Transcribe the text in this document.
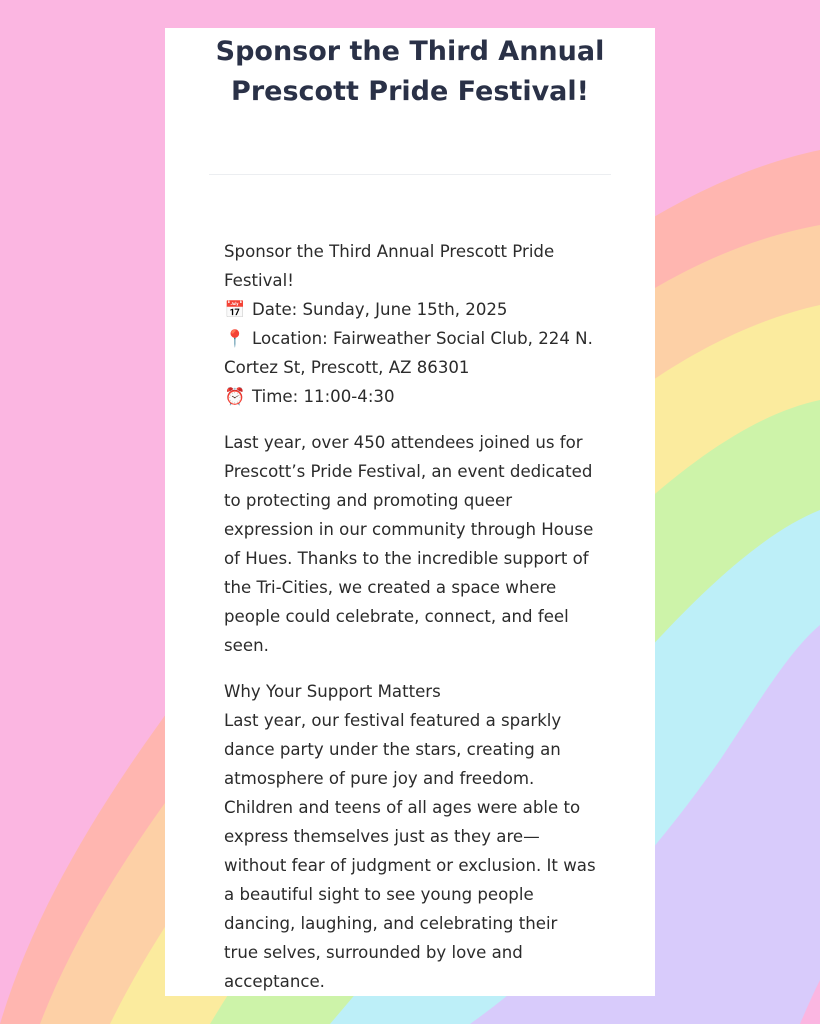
Sponsor the Third Annual Prescott Pride Festival!

Sponsor the Third Annual Prescott Pride Festival!
📅 Date: Sunday, June 15th, 2025
📍 Location: Fairweather Social Club, 224 N. Cortez St, Prescott, AZ 86301
⏰ Time: 11:00-4:30

Last year, over 450 attendees joined us for Prescott’s Pride Festival, an event dedicated to protecting and promoting queer expression in our community through House of Hues. Thanks to the incredible support of the Tri-Cities, we created a space where people could celebrate, connect, and feel seen.

Why Your Support Matters
Last year, our festival featured a sparkly dance party under the stars, creating an atmosphere of pure joy and freedom. Children and teens of all ages were able to express themselves just as they are—without fear of judgment or exclusion. It was a beautiful sight to see young people dancing, laughing, and celebrating their true selves, surrounded by love and acceptance.
